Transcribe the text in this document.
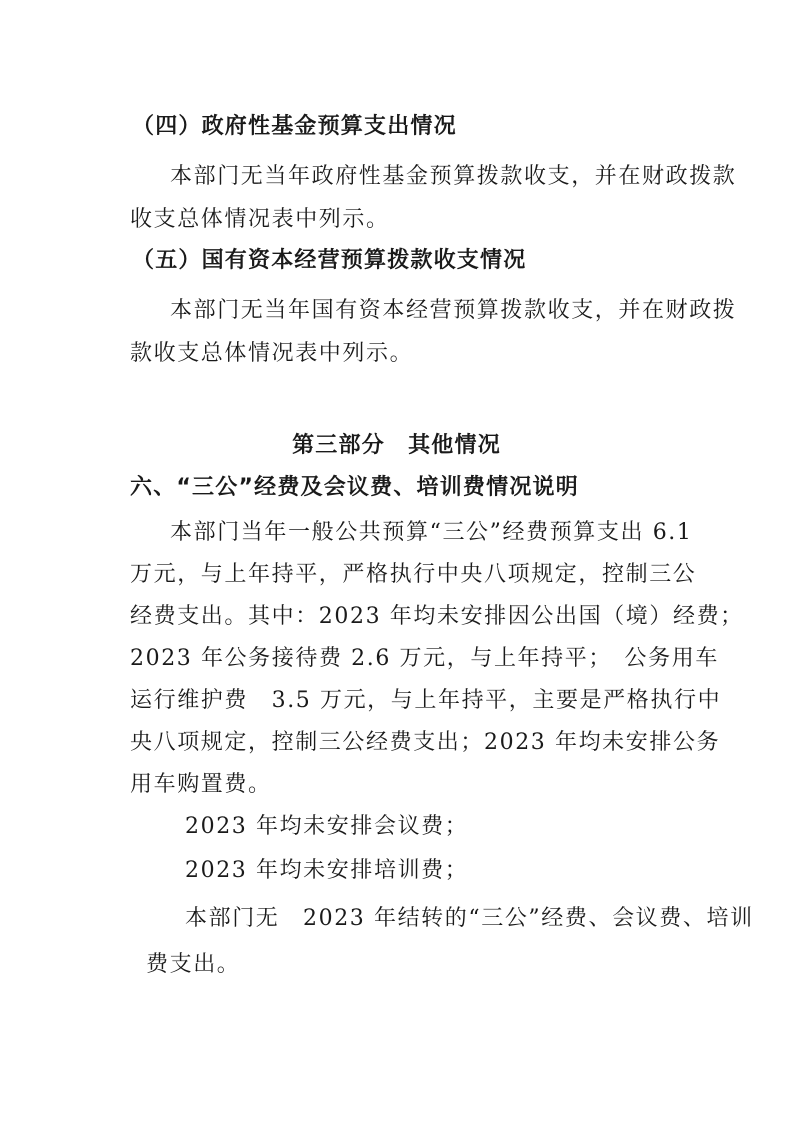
（四）政府性基金预算支出情况
本部门无当年政府性基金预算拨款收支，并在财政拨款
收支总体情况表中列示。
（五）国有资本经营预算拨款收支情况
本部门无当年国有资本经营预算拨款收支，并在财政拨
款收支总体情况表中列示。
第三部分　其他情况
六、“三公”经费及会议费、培训费情况说明
本部门当年一般公共预算“三公”经费预算支出 6.1
万元，与上年持平，严格执行中央八项规定，控制三公
经费支出。其中：2023 年均未安排因公出国（境）经费；
2023 年公务接待费 2.6 万元，与上年持平；　公务用车
运行维护费　3.5 万元，与上年持平，主要是严格执行中
央八项规定，控制三公经费支出；2023 年均未安排公务
用车购置费。
2023 年均未安排会议费；
2023 年均未安排培训费；
本部门无　2023 年结转的“三公”经费、会议费、培训
费支出。
